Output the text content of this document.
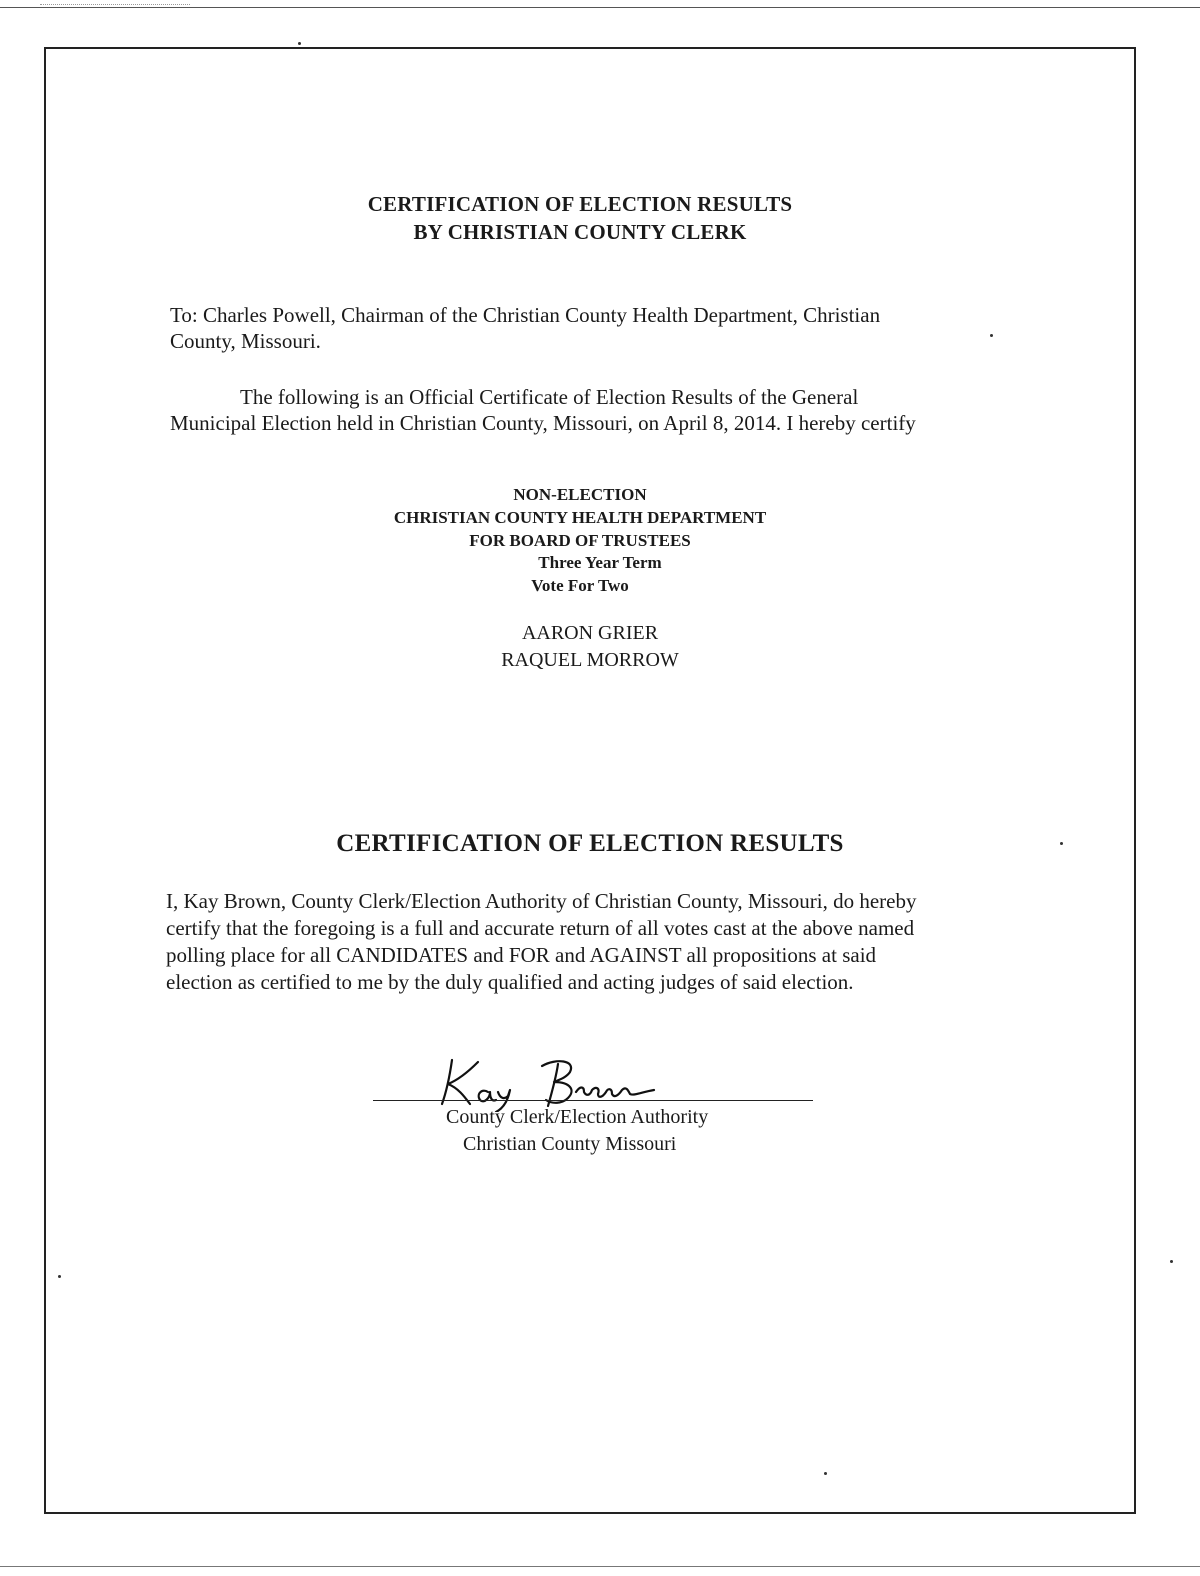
CERTIFICATION OF ELECTION RESULTS
BY CHRISTIAN COUNTY CLERK
To: Charles Powell, Chairman of the Christian County Health Department, Christian
County, Missouri.
The following is an Official Certificate of Election Results of the General
Municipal Election held in Christian County, Missouri, on April 8, 2014. I hereby certify
NON-ELECTION
CHRISTIAN COUNTY HEALTH DEPARTMENT
FOR BOARD OF TRUSTEES
Three Year Term
Vote For Two
AARON GRIER
RAQUEL MORROW
CERTIFICATION OF ELECTION RESULTS
I, Kay Brown, County Clerk/Election Authority of Christian County, Missouri, do hereby
certify that the foregoing is a full and accurate return of all votes cast at the above named
polling place for all CANDIDATES and FOR and AGAINST all propositions at said
election as certified to me by the duly qualified and acting judges of said election.
County Clerk/Election Authority
Christian County Missouri
